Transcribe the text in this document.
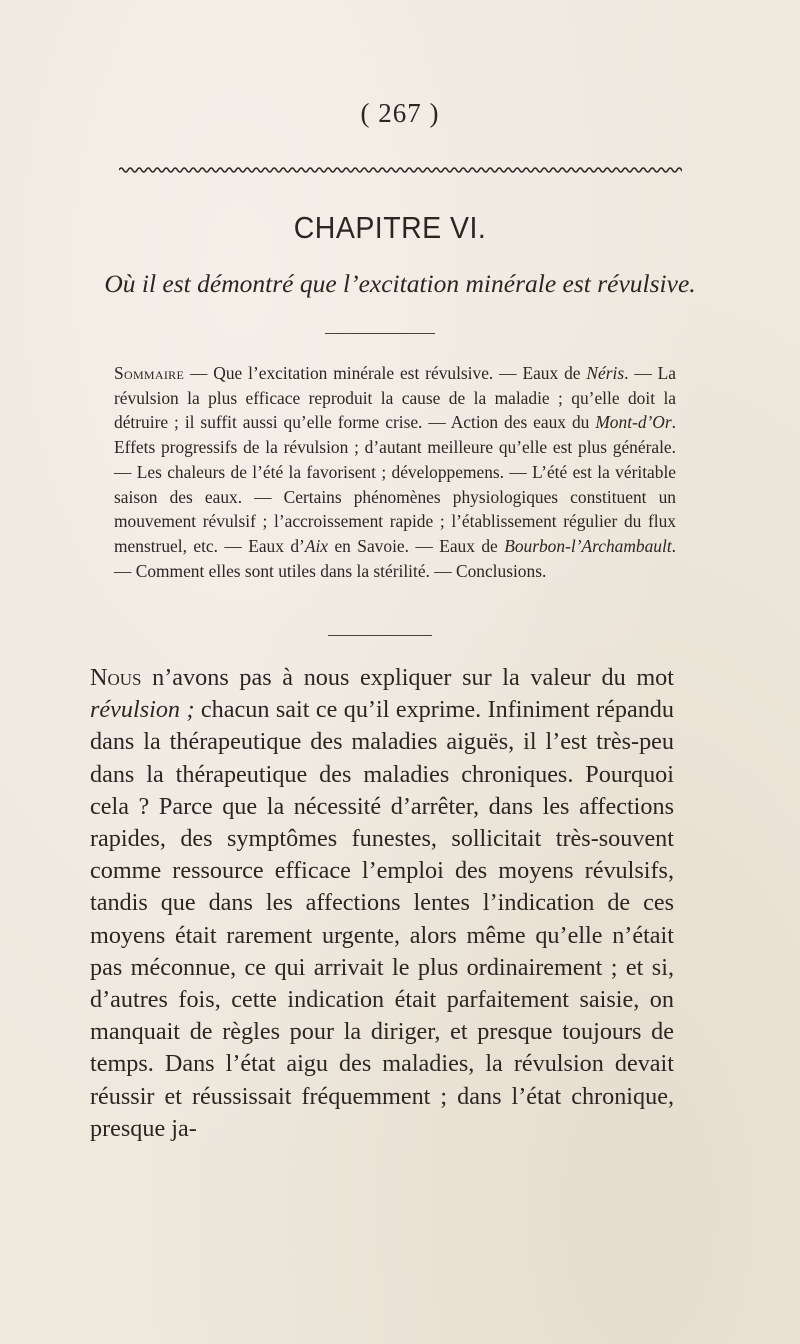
( 267 )
CHAPITRE VI.
Où il est démontré que l’excitation minérale est révulsive.

Sommaire — Que l’excitation minérale est révulsive. — Eaux de Néris. — La révulsion la plus efficace reproduit la cause de la maladie ; qu’elle doit la détruire ; il suffit aussi qu’elle forme crise. — Action des eaux du Mont-d’Or. Effets progressifs de la révulsion ; d’autant meilleure qu’elle est plus générale. — Les chaleurs de l’été la favorisent ; développemens. — L’été est la véritable saison des eaux. — Certains phénomènes physiologiques constituent un mouvement révulsif ; l’accroissement rapide ; l’établissement régulier du flux menstruel, etc. — Eaux d’Aix en Savoie. — Eaux de Bourbon-l’Archambault. — Comment elles sont utiles dans la stérilité. — Conclusions.

Nous n’avons pas à nous expliquer sur la valeur du mot révulsion ; chacun sait ce qu’il exprime. Infiniment répandu dans la thérapeutique des maladies aiguës, il l’est très-peu dans la thérapeutique des maladies chroniques. Pourquoi cela ? Parce que la nécessité d’arrêter, dans les affections rapides, des symptômes funestes, sollicitait très-souvent comme ressource efficace l’emploi des moyens révulsifs, tandis que dans les affections lentes l’indication de ces moyens était rarement urgente, alors même qu’elle n’était pas méconnue, ce qui arrivait le plus ordinairement ; et si, d’autres fois, cette indication était parfaitement saisie, on manquait de règles pour la diriger, et presque toujours de temps. Dans l’état aigu des maladies, la révulsion devait réussir et réussissait fréquemment ; dans l’état chronique, presque ja-
